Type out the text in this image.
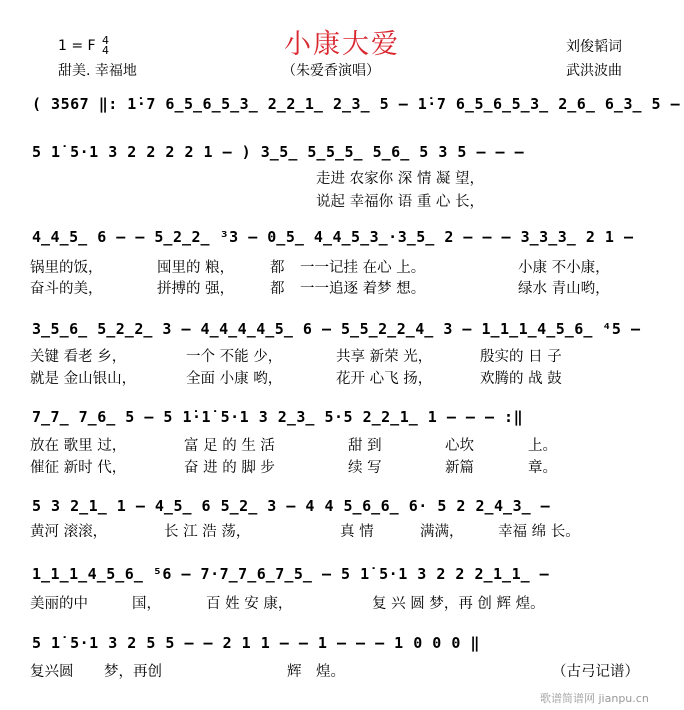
小康大爱
1 = F 4
4
甜美. 幸福地	（朱爱香演唱）
刘俊韬词
武洪波曲
( 3567 ‖: 1̇·7 6̲5̲6̲5̲3̲ 2̲2̲1̲ 2̲3̲ 5 – 1̇·7 6̲5̲6̲5̲3̲ 2̲6̲ 6̲3̲ 5 –
5 1̇ 5·1 3 2 2 2 2 1 – ) 3̲5̲ 5̲5̲5̲ 5̲6̲ 5 3 5 – – –
4̲4̲5̲ 6 – – 5̲2̲2̲ ³3 – 0̲5̲ 4̲4̲5̲3̲·3̲5̲ 2 – – – 3̲3̲3̲ 2 1 –
3̲5̲6̲ 5̲2̲2̲ 3 – 4̲4̲4̲4̲5̲ 6 – 5̲5̲2̲2̲4̲ 3 – 1̲1̲1̲4̲5̲6̲ ⁴5 –
7̲7̲ 7̲6̲ 5 – 5 1̇·1̇ 5·1 3 2̲3̲ 5·5 2̲2̲1̲ 1 – – – :‖
5 3 2̲1̲ 1 – 4̲5̲ 6 5̲2̲ 3 – 4 4 5̲6̲6̲ 6· 5 2 2̲4̲3̲ –
1̲1̲1̲4̲5̲6̲ ⁵6 – 7·7̲7̲6̲7̲5̲ – 5 1̇ 5·1 3 2 2 2̲1̲1̲ –
5 1̇ 5·1 3 2 5 5 – – 2 1 1 – – 1 – – – 1 0 0 0 ‖
走进 农家你 深 情 凝 望，
说起 幸福你 语 重 心 长，
锅里的饭，	囤里的 粮， 都 一一记挂 在心 上。	小康 不小康，
奋斗的美，	拼搏的 强， 都 一一追逐 着梦 想。	绿水 青山哟，
关键 看老 乡，	一个 不能 少，	共享 新荣 光，	殷实的 日 子
就是 金山银山，	全面 小康 哟，	花开 心飞 扬，	欢腾的 战 鼓
放在 歌里 过，	富 足 的 生 活	甜 到	心坎	上。
催征 新时 代，	奋 进 的 脚 步	续 写	新篇	章。
黄河 滚滚，	长 江 浩 荡，	真 情	满满， 幸福 绵 长。
美丽的中	国，	百 姓 安 康，	复 兴 圆 梦，再 创 辉 煌。
复兴圆 梦，再创	辉 煌。	（古弓记谱）
歌谱简谱网 jianpu.cn
